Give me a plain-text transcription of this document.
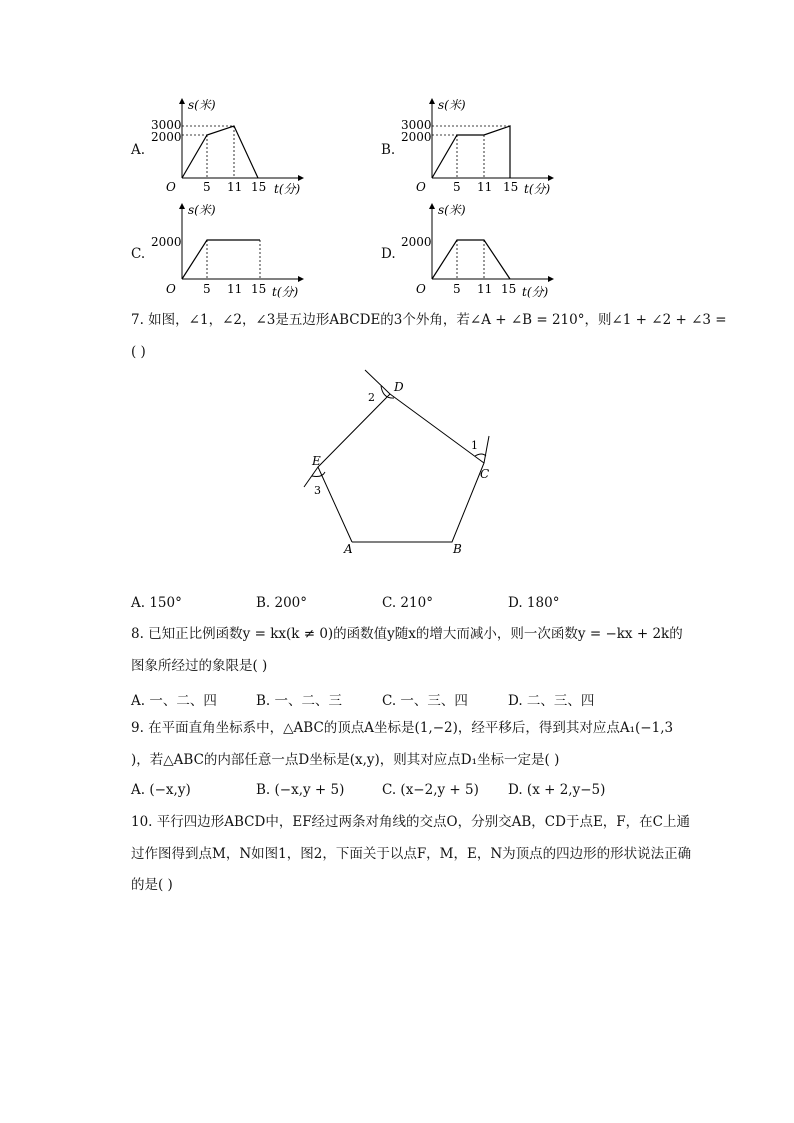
A.
s(米)
3000
2000
O 5 11 15 t(分)
B.
s(米)
3000
2000
O 5 11 15 t(分)
C.
s(米)
2000
O 5 11 15 t(分)
D.
s(米)
2000
O 5 11 15 t(分)
7. 如图，∠1，∠2，∠3是五边形ABCDE的3个外角，若∠A + ∠B = 210°，则∠1 + ∠2 + ∠3 =
( )
A	B
C
D
E
1
2
3
A. 150°	B. 200°	C. 210°	D. 180°
8. 已知正比例函数y = kx(k ≠ 0)的函数值y随x的增大而减小，则一次函数y = −kx + 2k的
图象所经过的象限是( )
A. 一、二、四	B. 一、二、三	C. 一、三、四	D. 二、三、四
9. 在平面直角坐标系中，△ABC的顶点A坐标是(1,−2)，经平移后，得到其对应点A₁(−1,3
)，若△ABC的内部任意一点D坐标是(x,y)，则其对应点D₁坐标一定是( )
A. (−x,y)	B. (−x,y + 5)	C. (x−2,y + 5) D. (x + 2,y−5)
10. 平行四边形ABCD中，EF经过两条对角线的交点O，分别交AB，CD于点E，F，在C上通
过作图得到点M，N如图1，图2，下面关于以点F，M，E，N为顶点的四边形的形状说法正确
的是( )
